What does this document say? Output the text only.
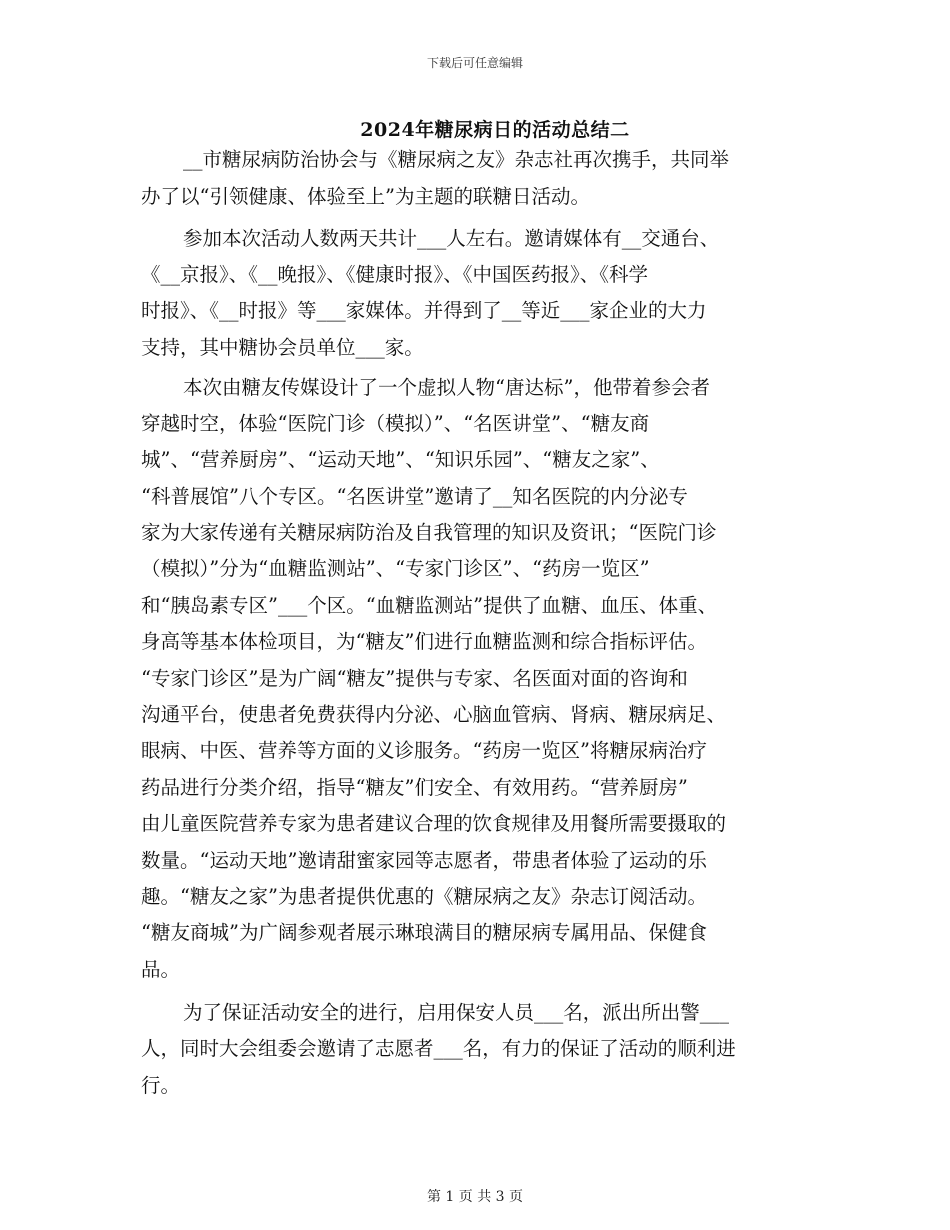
下载后可任意编辑
2024年糖尿病日的活动总结二
__市糖尿病防治协会与《糖尿病之友》杂志社再次携手，共同举
办了以“引领健康、体验至上”为主题的联糖日活动。
参加本次活动人数两天共计___人左右。邀请媒体有__交通台、
《__京报》、《__晚报》、《健康时报》、《中国医药报》、《科学
时报》、《__时报》等___家媒体。并得到了__等近___家企业的大力
支持，其中糖协会员单位___家。
本次由糖友传媒设计了一个虚拟人物“唐达标”，他带着参会者
穿越时空，体验“医院门诊（模拟）”、“名医讲堂”、“糖友商
城”、“营养厨房”、“运动天地”、“知识乐园”、“糖友之家”、
“科普展馆”八个专区。“名医讲堂”邀请了__知名医院的内分泌专
家为大家传递有关糖尿病防治及自我管理的知识及资讯；“医院门诊
（模拟）”分为“血糖监测站”、“专家门诊区”、“药房一览区”
和“胰岛素专区”___个区。“血糖监测站”提供了血糖、血压、体重、
身高等基本体检项目，为“糖友”们进行血糖监测和综合指标评估。
“专家门诊区”是为广阔“糖友”提供与专家、名医面对面的咨询和
沟通平台，使患者免费获得内分泌、心脑血管病、肾病、糖尿病足、
眼病、中医、营养等方面的义诊服务。“药房一览区”将糖尿病治疗
药品进行分类介绍，指导“糖友”们安全、有效用药。“营养厨房”
由儿童医院营养专家为患者建议合理的饮食规律及用餐所需要摄取的
数量。“运动天地”邀请甜蜜家园等志愿者，带患者体验了运动的乐
趣。“糖友之家”为患者提供优惠的《糖尿病之友》杂志订阅活动。
“糖友商城”为广阔参观者展示琳琅满目的糖尿病专属用品、保健食
品。
为了保证活动安全的进行，启用保安人员___名，派出所出警___
人，同时大会组委会邀请了志愿者___名，有力的保证了活动的顺利进
行。
第 1 页 共 3 页
